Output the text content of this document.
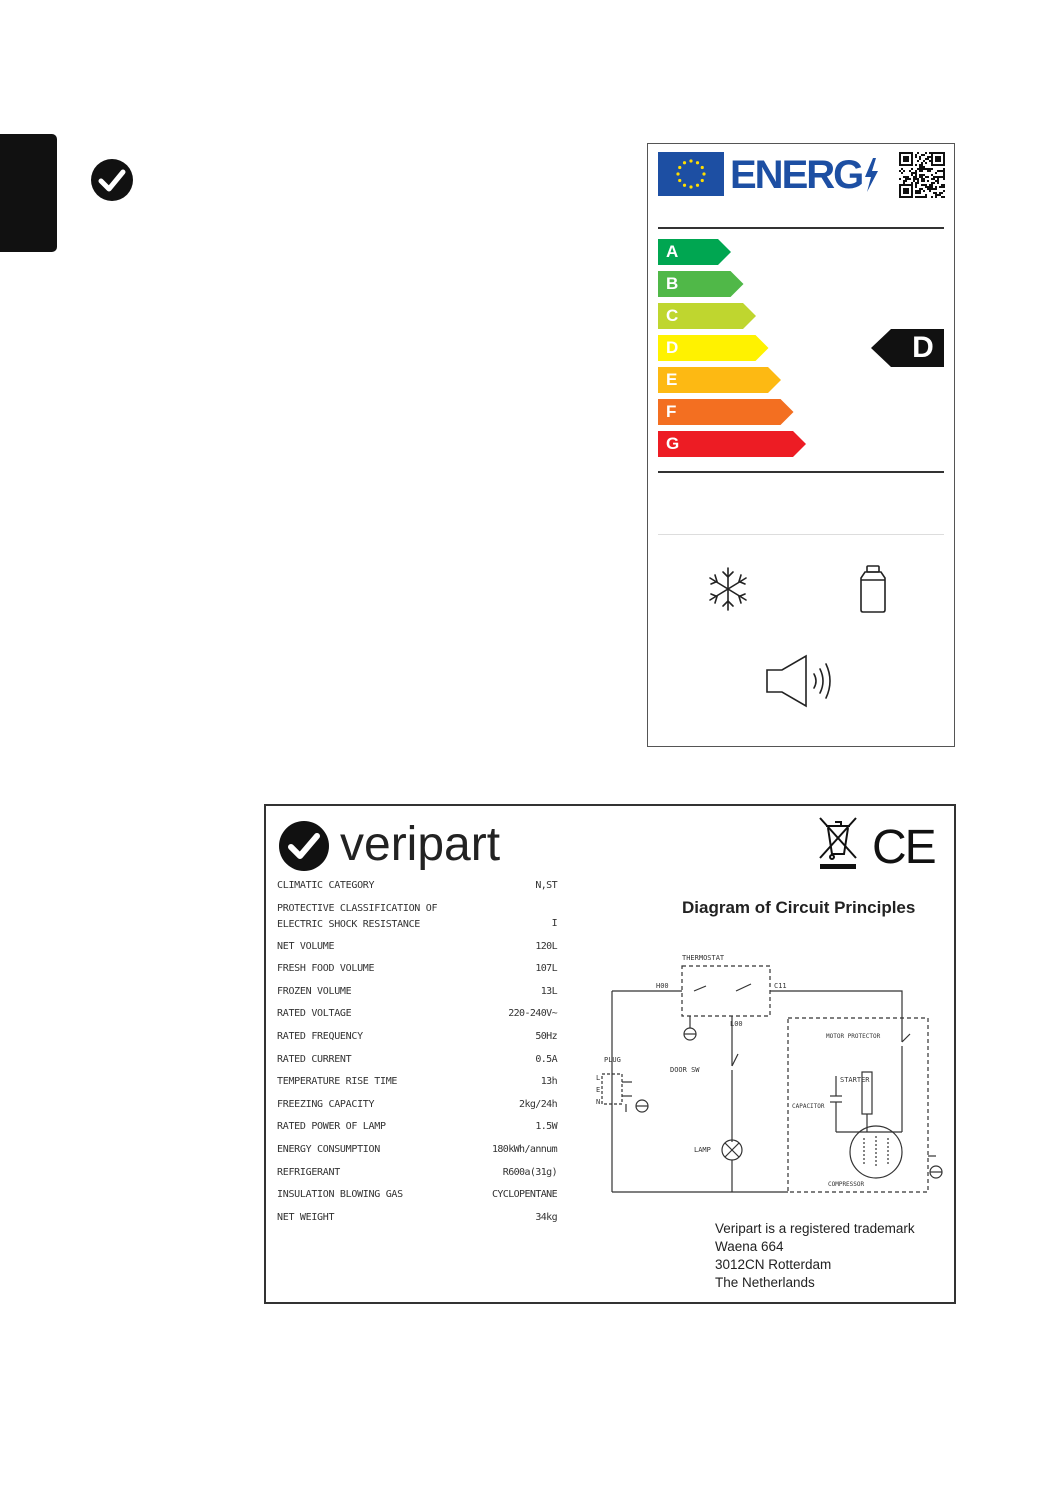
ENERG
D
A
B
C
D
E
F
G
veripart	CE
CLIMATIC CATEGORY	N,ST
PROTECTIVE CLASSIFICATION OF ELECTRIC SHOCK RESISTANCE	I
NET VOLUME	120L
FRESH FOOD VOLUME	107L
FROZEN VOLUME	13L
RATED VOLTAGE	220-240V~
RATED FREQUENCY	50Hz
RATED CURRENT	0.5A
TEMPERATURE RISE TIME	13h
FREEZING CAPACITY	2kg/24h
RATED POWER OF LAMP	1.5W
ENERGY CONSUMPTION	180kWh/annum
REFRIGERANT	R600a(31g)
INSULATION BLOWING GAS	CYCLOPENTANE
NET WEIGHT	34kg
Diagram of Circuit Principles
THERMOSTAT
H00	C11
L00
PLUG
L
E
N
DOOR SW
LAMP
MOTOR PROTECTOR
STARTER
CAPACITOR
COMPRESSOR
Veripart is a registered trademark
Waena 664
3012CN Rotterdam
The Netherlands
